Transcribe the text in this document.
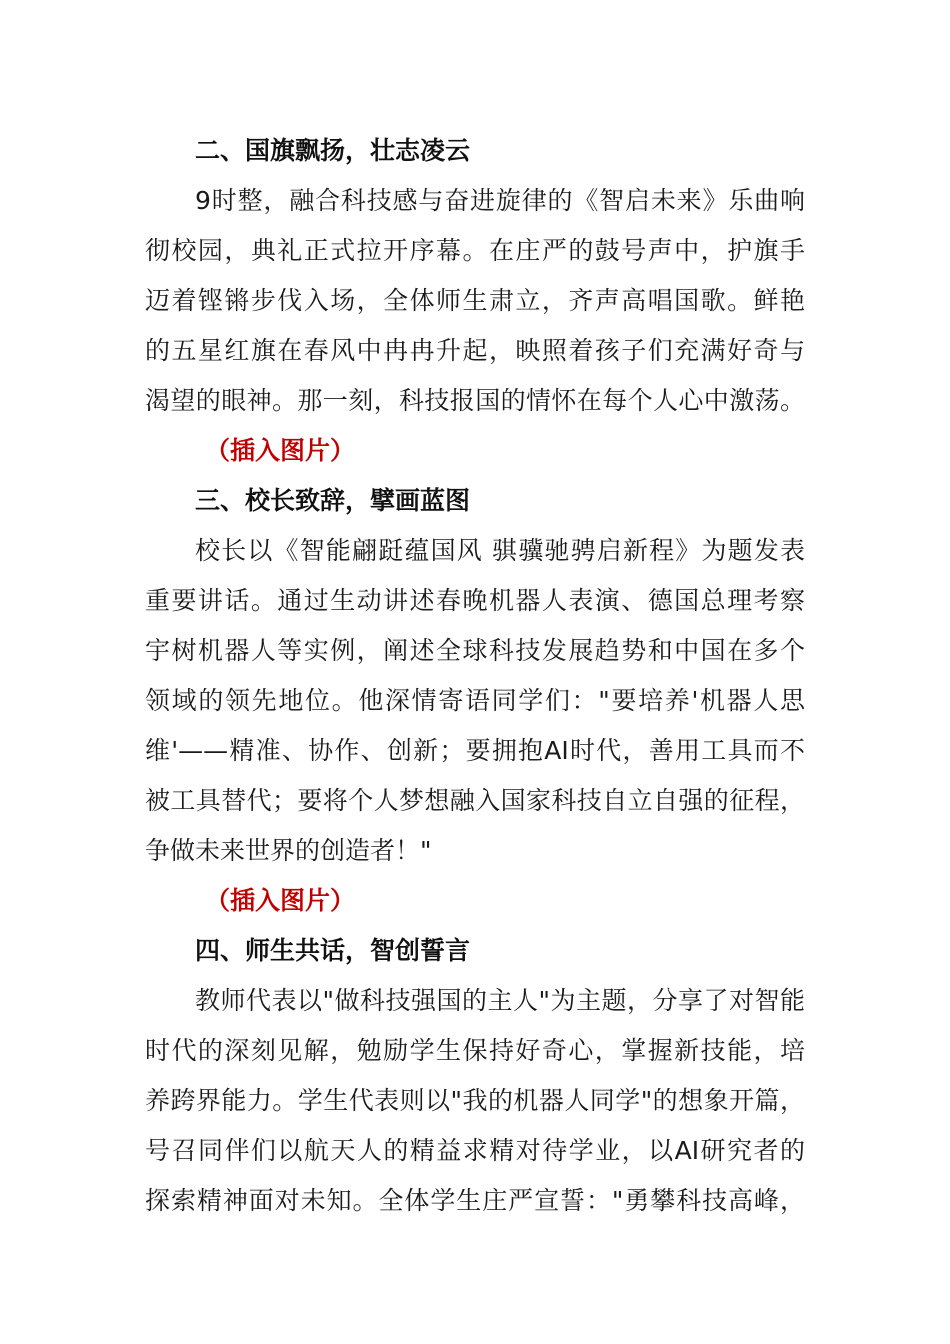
二、国旗飘扬，壮志凌云
9时整，融合科技感与奋进旋律的《智启未来》乐曲响
彻校园，典礼正式拉开序幕。在庄严的鼓号声中，护旗手
迈着铿锵步伐入场，全体师生肃立，齐声高唱国歌。鲜艳
的五星红旗在春风中冉冉升起，映照着孩子们充满好奇与
渴望的眼神。那一刻，科技报国的情怀在每个人心中激荡。
（插入图片）
三、校长致辞，擘画蓝图
校长以《智能翩跹蕴国风 骐骥驰骋启新程》为题发表
重要讲话。通过生动讲述春晚机器人表演、德国总理考察
宇树机器人等实例，阐述全球科技发展趋势和中国在多个
领域的领先地位。他深情寄语同学们："要培养'机器人思
维'——精准、协作、创新；要拥抱AI时代，善用工具而不
被工具替代；要将个人梦想融入国家科技自立自强的征程，
争做未来世界的创造者！"
（插入图片）
四、师生共话，智创誓言
教师代表以"做科技强国的主人"为主题，分享了对智能
时代的深刻见解，勉励学生保持好奇心，掌握新技能，培
养跨界能力。学生代表则以"我的机器人同学"的想象开篇，
号召同伴们以航天人的精益求精对待学业，以AI研究者的
探索精神面对未知。全体学生庄严宣誓："勇攀科技高峰，
